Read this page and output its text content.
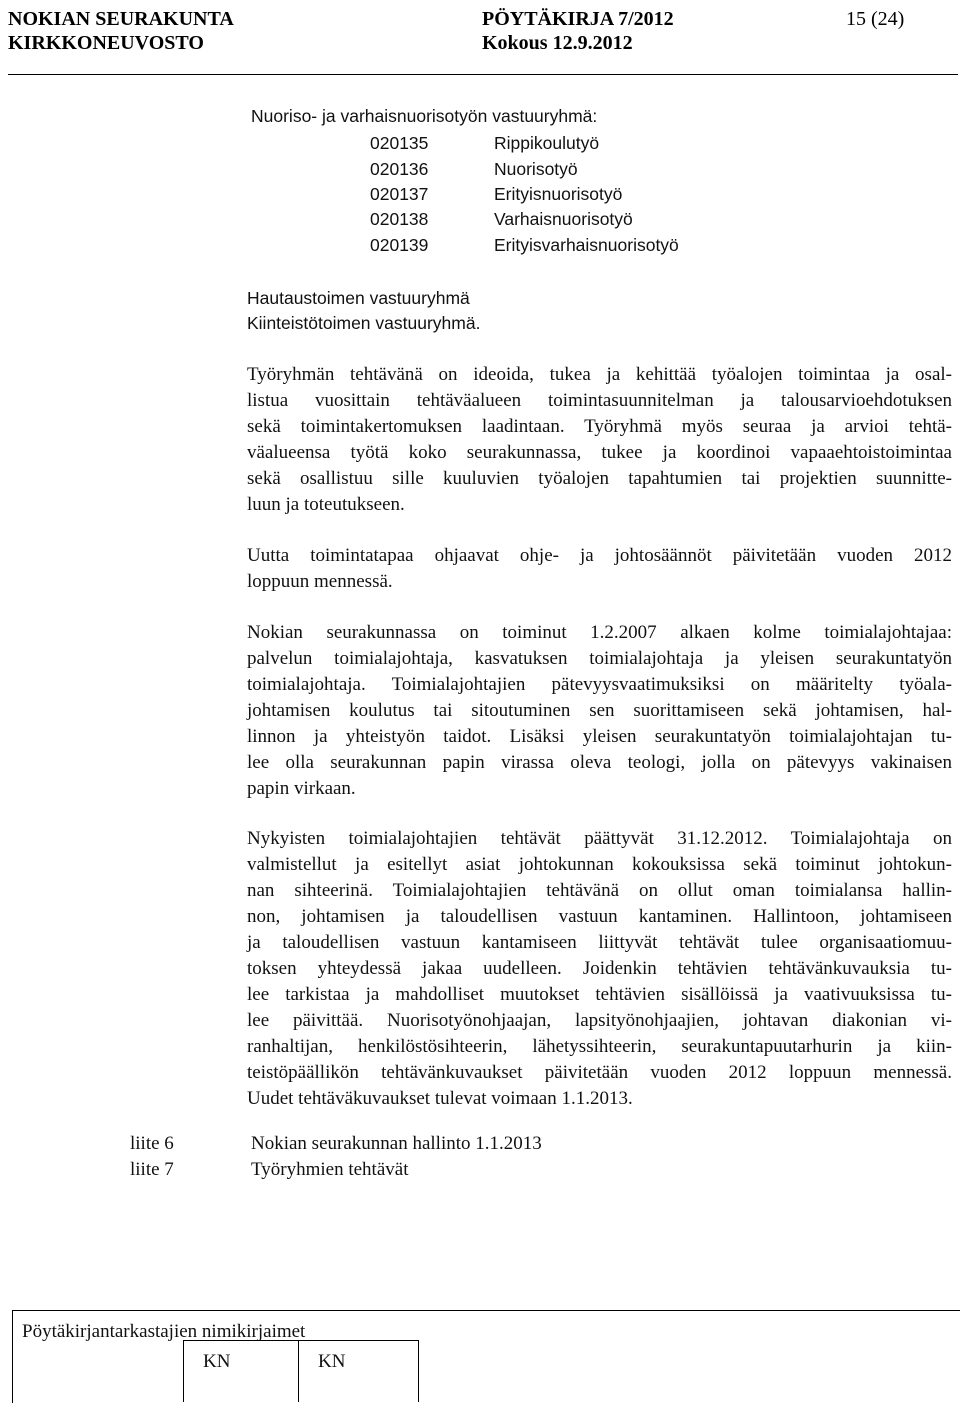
NOKIAN SEURAKUNTA
KIRKKONEUVOSTO
PÖYTÄKIRJA 7/2012
Kokous 12.9.2012
15 (24)
Nuoriso- ja varhaisnuorisotyön vastuuryhmä:
020135	Rippikoulutyö
020136	Nuorisotyö
020137	Erityisnuorisotyö
020138	Varhaisnuorisotyö
020139	Erityisvarhaisnuorisotyö
Hautaustoimen vastuuryhmä
Kiinteistötoimen vastuuryhmä.
Työryhmän tehtävänä on ideoida, tukea ja kehittää työalojen toimintaa ja osal-
listua vuosittain tehtäväalueen toimintasuunnitelman ja talousarvioehdotuksen
sekä toimintakertomuksen laadintaan. Työryhmä myös seuraa ja arvioi tehtä-
väalueensa työtä koko seurakunnassa, tukee ja koordinoi vapaaehtoistoimintaa
sekä osallistuu sille kuuluvien työalojen tapahtumien tai projektien suunnitte-
luun ja toteutukseen.
Uutta toimintatapaa ohjaavat ohje- ja johtosäännöt päivitetään vuoden 2012
loppuun mennessä.
Nokian seurakunnassa on toiminut 1.2.2007 alkaen kolme toimialajohtajaa:
palvelun toimialajohtaja, kasvatuksen toimialajohtaja ja yleisen seurakuntatyön
toimialajohtaja. Toimialajohtajien pätevyysvaatimuksiksi on määritelty työala-
johtamisen koulutus tai sitoutuminen sen suorittamiseen sekä johtamisen, hal-
linnon ja yhteistyön taidot. Lisäksi yleisen seurakuntatyön toimialajohtajan tu-
lee olla seurakunnan papin virassa oleva teologi, jolla on pätevyys vakinaisen
papin virkaan.
Nykyisten toimialajohtajien tehtävät päättyvät 31.12.2012. Toimialajohtaja on
valmistellut ja esitellyt asiat johtokunnan kokouksissa sekä toiminut johtokun-
nan sihteerinä. Toimialajohtajien tehtävänä on ollut oman toimialansa hallin-
non, johtamisen ja taloudellisen vastuun kantaminen. Hallintoon, johtamiseen
ja taloudellisen vastuun kantamiseen liittyvät tehtävät tulee organisaatiomuu-
toksen yhteydessä jakaa uudelleen. Joidenkin tehtävien tehtävänkuvauksia tu-
lee tarkistaa ja mahdolliset muutokset tehtävien sisällöissä ja vaativuuksissa tu-
lee päivittää. Nuorisotyönohjaajan, lapsityönohjaajien, johtavan diakonian vi-
ranhaltijan, henkilöstösihteerin, lähetyssihteerin, seurakuntapuutarhurin ja kiin-
teistöpäällikön tehtävänkuvaukset päivitetään vuoden 2012 loppuun mennessä.
Uudet tehtäväkuvaukset tulevat voimaan 1.1.2013.
liite 6	Nokian seurakunnan hallinto 1.1.2013
liite 7	Työryhmien tehtävät
Pöytäkirjantarkastajien nimikirjaimet
KN	KN
